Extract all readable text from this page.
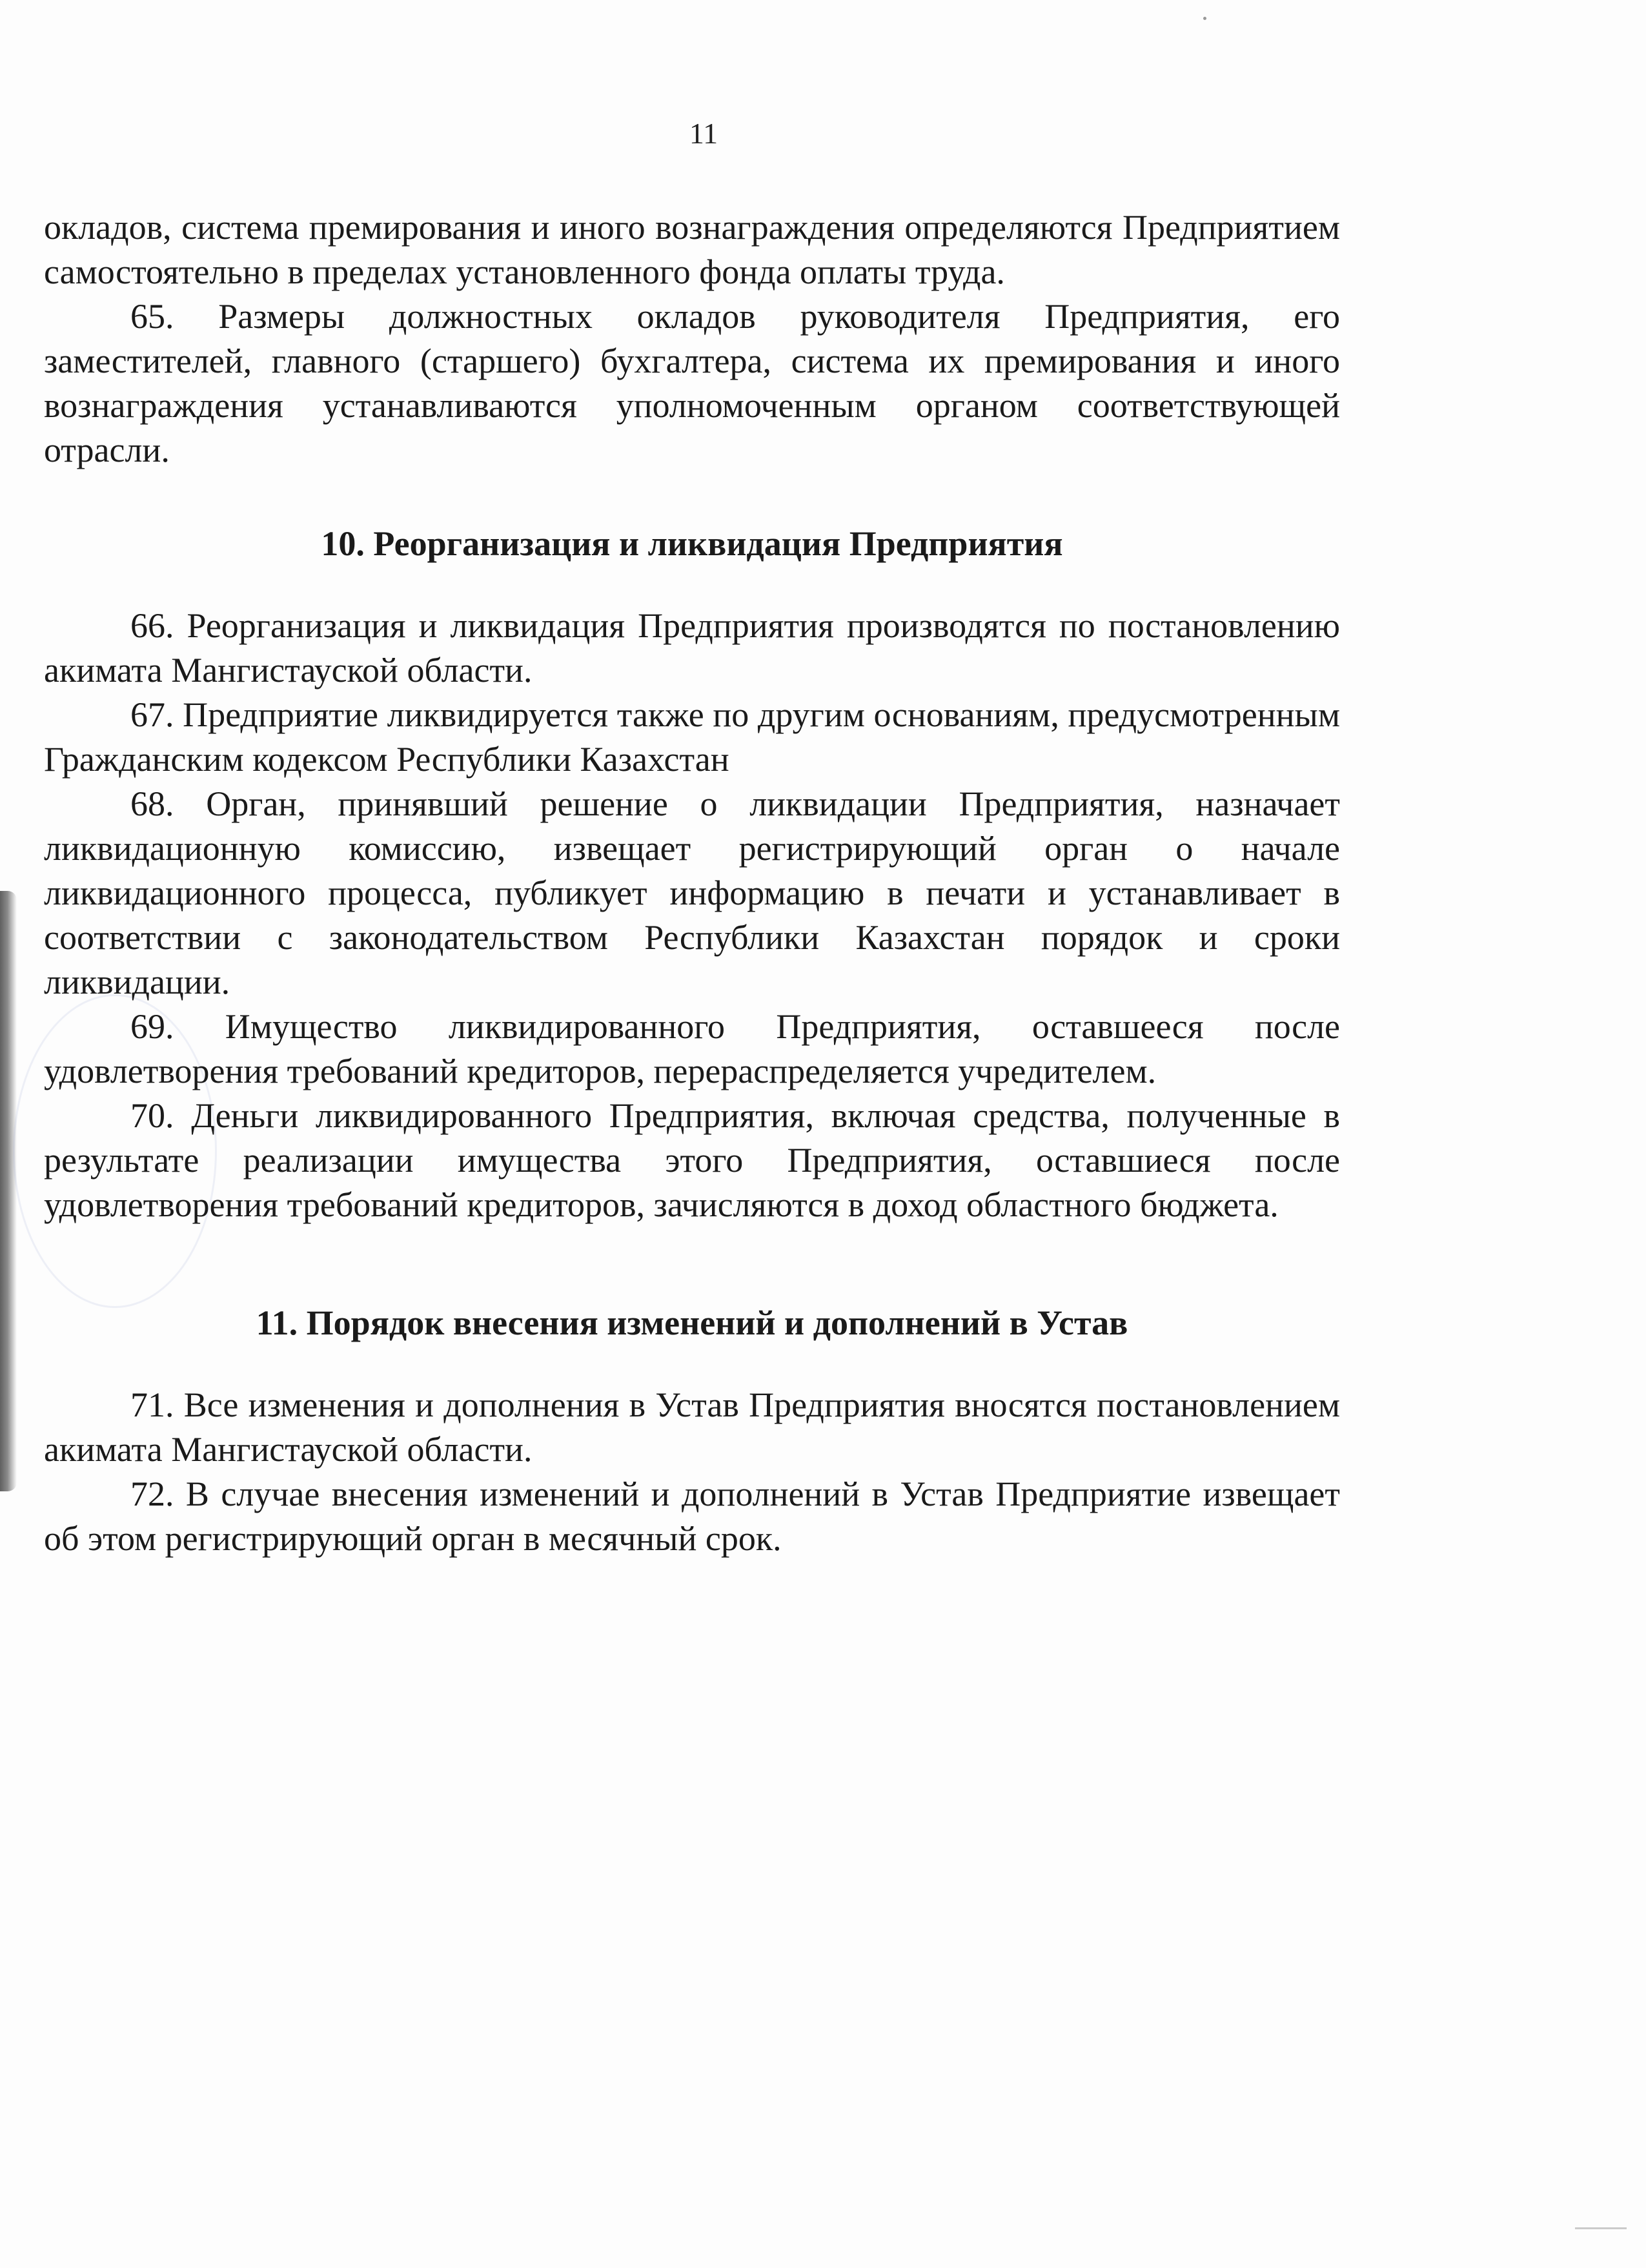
11

окладов, система премирования и иного вознаграждения определяются Предприятием самостоятельно в пределах установленного фонда оплаты труда.

65. Размеры должностных окладов руководителя Предприятия, его заместителей, главного (старшего) бухгалтера, система их премирования и иного вознаграждения устанавливаются уполномоченным органом соответствующей отрасли.

10. Реорганизация и ликвидация Предприятия

66. Реорганизация и ликвидация Предприятия производятся по постановлению акимата Мангистауской области.

67. Предприятие ликвидируется также по другим основаниям, предусмотренным Гражданским кодексом Республики Казахстан

68. Орган, принявший решение о ликвидации Предприятия, назначает ликвидационную комиссию, извещает регистрирующий орган о начале ликвидационного процесса, публикует информацию в печати и устанавливает в соответствии с законодательством Республики Казахстан порядок и сроки ликвидации.

69. Имущество ликвидированного Предприятия, оставшееся после удовлетворения требований кредиторов, перераспределяется учредителем.

70. Деньги ликвидированного Предприятия, включая средства, полученные в результате реализации имущества этого Предприятия, оставшиеся после удовлетворения требований кредиторов, зачисляются в доход областного бюджета.

11. Порядок внесения изменений и дополнений в Устав

71. Все изменения и дополнения в Устав Предприятия вносятся постановлением акимата Мангистауской области.

72. В случае внесения изменений и дополнений в Устав Предприятие извещает об этом регистрирующий орган в месячный срок.
